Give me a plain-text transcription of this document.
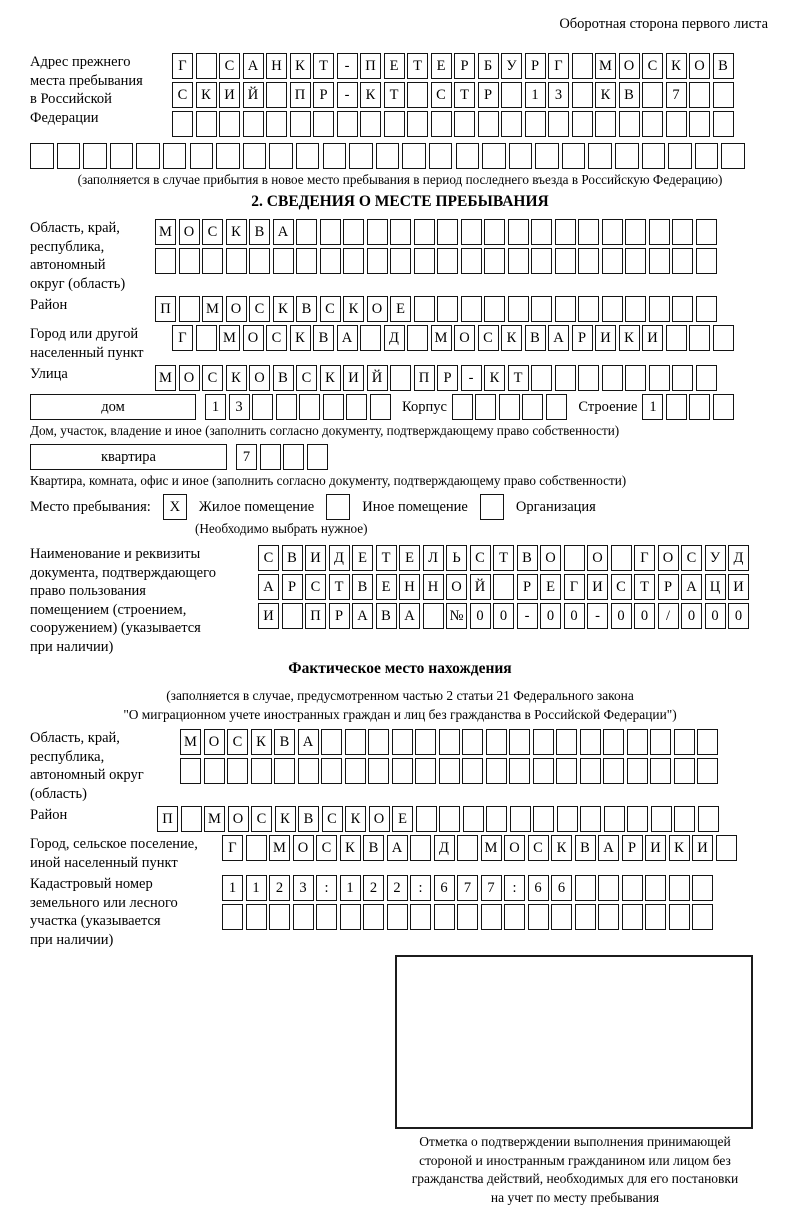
Оборотная сторона первого листа
Адрес прежнего
места пребывания
в Российской
Федерации
Г	С А Н К Т	-	П Е	Т	Е	Р	Б У Р	Г	М О С К О В
С К И Й	П Р	-	К Т	С Т	Р	1	3	К В	7
(заполняется в случае прибытия в новое место пребывания в период последнего въезда в Российскую Федерацию)
2. СВЕДЕНИЯ О МЕСТЕ ПРЕБЫВАНИЯ
Область, край,
республика,
автономный
округ (область)
М О С К В А
Район	П	М О С К В С К О Е
Город или другой
населенный пункт
Г	М О С К В А	Д	М О С К В А Р И К И
Улица	М О С К О В С К И Й	П Р	-	К Т
дом	1	3	Корпус	Строение 1
Дом, участок, владение и иное (заполнить согласно документу, подтверждающему право собственности)
квартира	7
Квартира, комната, офис и иное (заполнить согласно документу, подтверждающему право собственности)
Место пребывания:	X	Жилое помещение	Иное помещение	Организация
(Необходимо выбрать нужное)
Наименование и реквизиты
документа, подтверждающего
право пользования
помещением (строением,
сооружением) (указывается
при наличии)
С В И Д Е	Т	Е Л Ь	С Т В О	О	Г О С У Д
А Р	С Т В Е Н Н О Й	Р	Е	Г И С Т	Р А Ц И
И	П Р А В А	№ 0	0	-	0	0	-	0	0	/	0	0	0
Фактическое место нахождения
(заполняется в случае, предусмотренном частью 2 статьи 21 Федерального закона
"О миграционном учете иностранных граждан и лиц без гражданства в Российской Федерации")
Область, край,
республика,
автономный округ
(область)
М О С К В А
Район	П	М О С К В С К О Е
Город, сельское поселение,
иной населенный пункт
Г	М О С К В А	Д	М О С К В А Р И К И
Кадастровый номер
земельного или лесного
участка (указывается
при наличии)
1	1	2	3	:	1	2	2	:	6	7	7	:	6	6
Отметка о подтверждении выполнения принимающей
стороной и иностранным гражданином или лицом без
гражданства действий, необходимых для его постановки
на учет по месту пребывания
